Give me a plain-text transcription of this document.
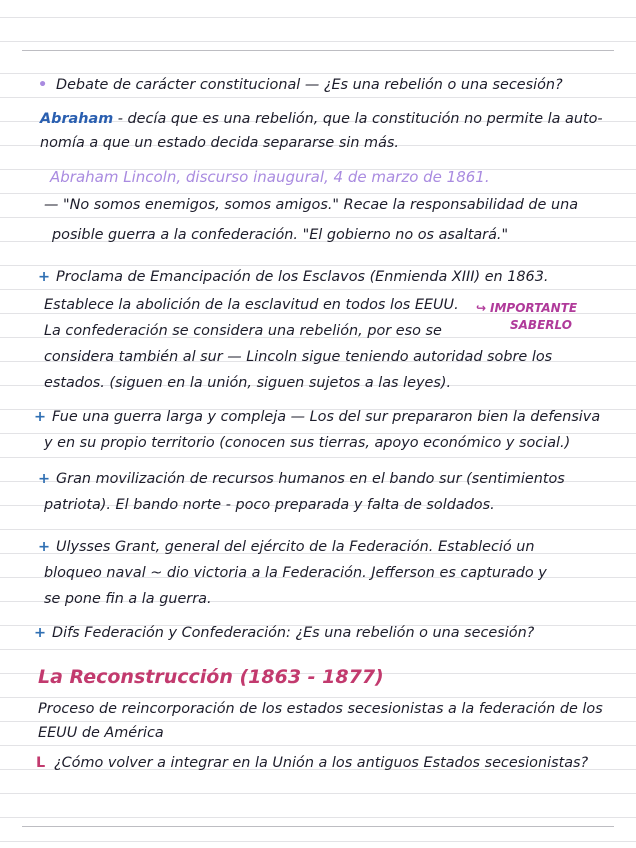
• Debate de carácter constitucional — ¿Es una rebelión o una secesión?
Abraham - decía que es una rebelión, que la constitución no permite la auto-
nomía a que un estado decida separarse sin más.
Abraham Lincoln, discurso inaugural, 4 de marzo de 1861.
— "No somos enemigos, somos amigos." Recae la responsabilidad de una
posible guerra a la confederación. "El gobierno no os asaltará."
+ Proclama de Emancipación de los Esclavos (Enmienda XIII) en 1863.
Establece la abolición de la esclavitud en todos los EEUU. ↪ IMPORTANTE
SABERLO
La confederación se considera una rebelión, por eso se
considera también al sur — Lincoln sigue teniendo autoridad sobre los
estados. (siguen en la unión, siguen sujetos a las leyes).
+ Fue una guerra larga y compleja — Los del sur prepararon bien la defensiva
y en su propio territorio (conocen sus tierras, apoyo económico y social.)
+ Gran movilización de recursos humanos en el bando sur (sentimientos
patriota). El bando norte - poco preparada y falta de soldados.
+ Ulysses Grant, general del ejército de la Federación. Estableció un
bloqueo naval ~ dio victoria a la Federación. Jefferson es capturado y
se pone fin a la guerra.
+ Difs Federación y Confederación: ¿Es una rebelión o una secesión?
La Reconstrucción (1863 - 1877)
Proceso de reincorporación de los estados secesionistas a la federación de los
EEUU de América
L ¿Cómo volver a integrar en la Unión a los antiguos Estados secesionistas?
